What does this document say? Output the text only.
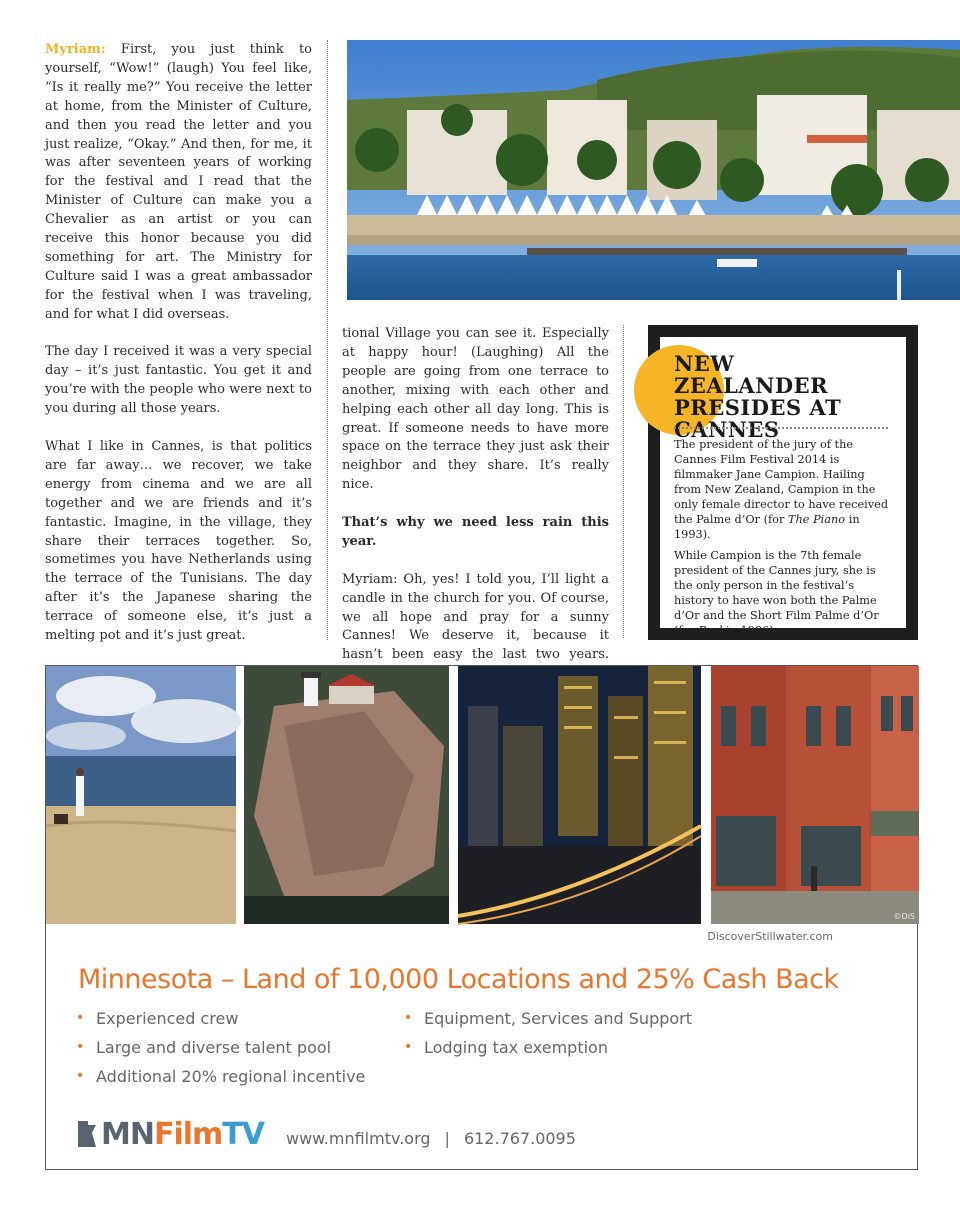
Myriam: First, you just think to yourself, “Wow!” (laugh) You feel like, “Is it really me?” You receive the letter at home, from the Minister of Culture, and then you read the letter and you just realize, “Okay.” And then, for me, it was after seventeen years of working for the festival and I read that the Minister of Culture can make you a Chevalier as an artist or you can receive this honor because you did something for art. The Ministry for Culture said I was a great ambassador for the festival when I was traveling, and for what I did overseas.

The day I received it was a very special day – it’s just fantastic. You get it and you’re with the people who were next to you during all those years.

What I like in Cannes, is that politics are far away… we recover, we take energy from cinema and we are all together and we are friends and it’s fantastic. Imagine, in the village, they share their terraces together. So, sometimes you have Netherlands using the terrace of the Tunisians. The day after it’s the Japanese sharing the terrace of someone else, it’s just a melting pot and it’s just great.

tional Village you can see it. Especially at happy hour! (Laughing) All the people are going from one terrace to another, mixing with each other and helping each other all day long. This is great. If someone needs to have more space on the terrace they just ask their neighbor and they share. It’s really nice.

That’s why we need less rain this year.

Myriam: Oh, yes! I told you, I’ll light a candle in the church for you. Of course, we all hope and pray for a sunny Cannes! We deserve it, because it hasn’t been easy the last two years.

NEW ZEALANDER PRESIDES AT CANNES

The president of the jury of the Cannes Film Festival 2014 is filmmaker Jane Campion. Hailing from New Zealand, Campion in the only female director to have received the Palme d’Or (for The Piano in 1993).

While Campion is the 7th female president of the Cannes jury, she is the only person in the festival’s history to have won both the Palme d’Or and the Short Film Palme d’Or (for Peel in 1986).

©DiS
DiscoverStillwater.com
Minnesota – Land of 10,000 Locations and 25% Cash Back
• Experienced crew
• Large and diverse talent pool
• Additional 20% regional incentive
• Equipment, Services and Support
• Lodging tax exemption
MN Film TV www.mnfilmtv.org | 612.767.0095
